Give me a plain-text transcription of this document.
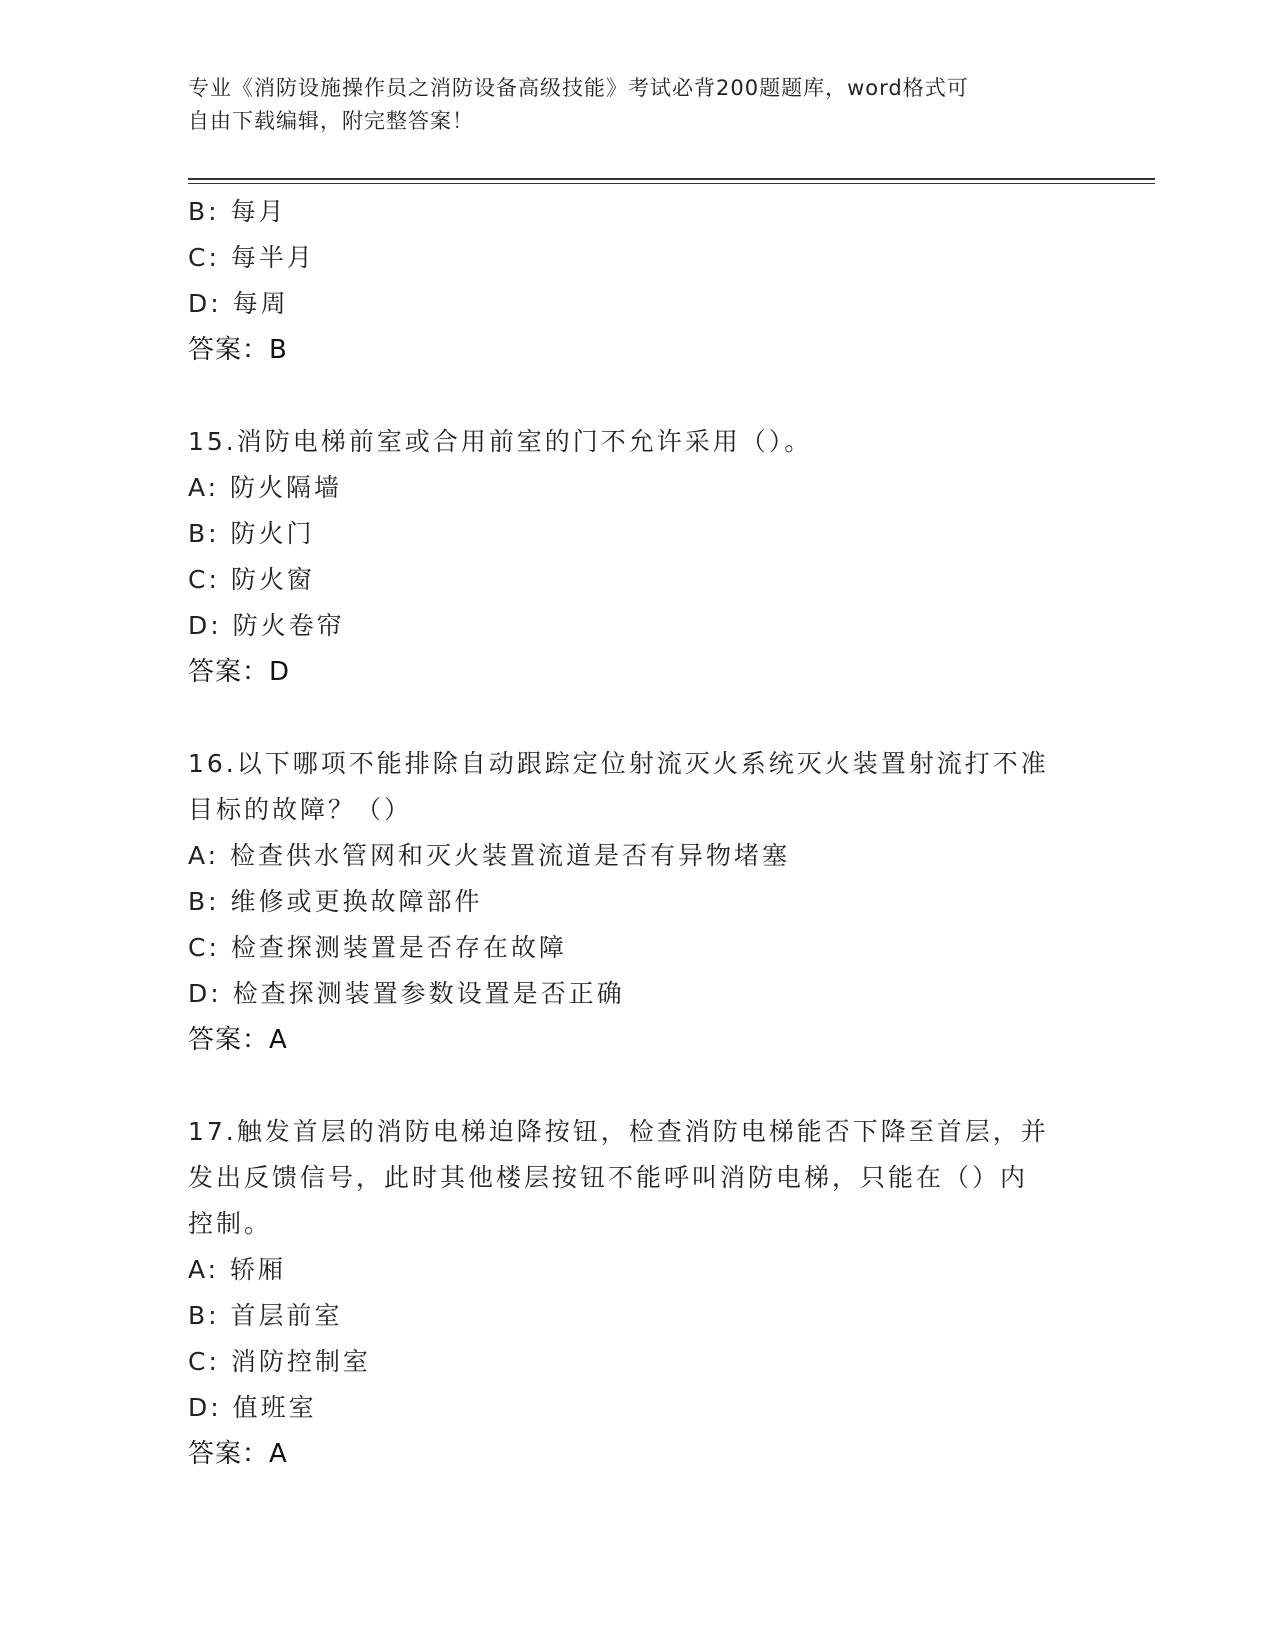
专业《消防设施操作员之消防设备高级技能》考试必背200题题库，word格式可
自由下载编辑，附完整答案！
B: 每月
C: 每半月
D: 每周
答案：B
15.消防电梯前室或合用前室的门不允许采用（）。
A: 防火隔墙
B: 防火门
C: 防火窗
D: 防火卷帘
答案：D
16.以下哪项不能排除自动跟踪定位射流灭火系统灭火装置射流打不准
目标的故障？（）
A: 检查供水管网和灭火装置流道是否有异物堵塞
B: 维修或更换故障部件
C: 检查探测装置是否存在故障
D: 检查探测装置参数设置是否正确
答案：A
17.触发首层的消防电梯迫降按钮，检查消防电梯能否下降至首层，并
发出反馈信号，此时其他楼层按钮不能呼叫消防电梯，只能在（）内
控制。
A: 轿厢
B: 首层前室
C: 消防控制室
D: 值班室
答案：A
